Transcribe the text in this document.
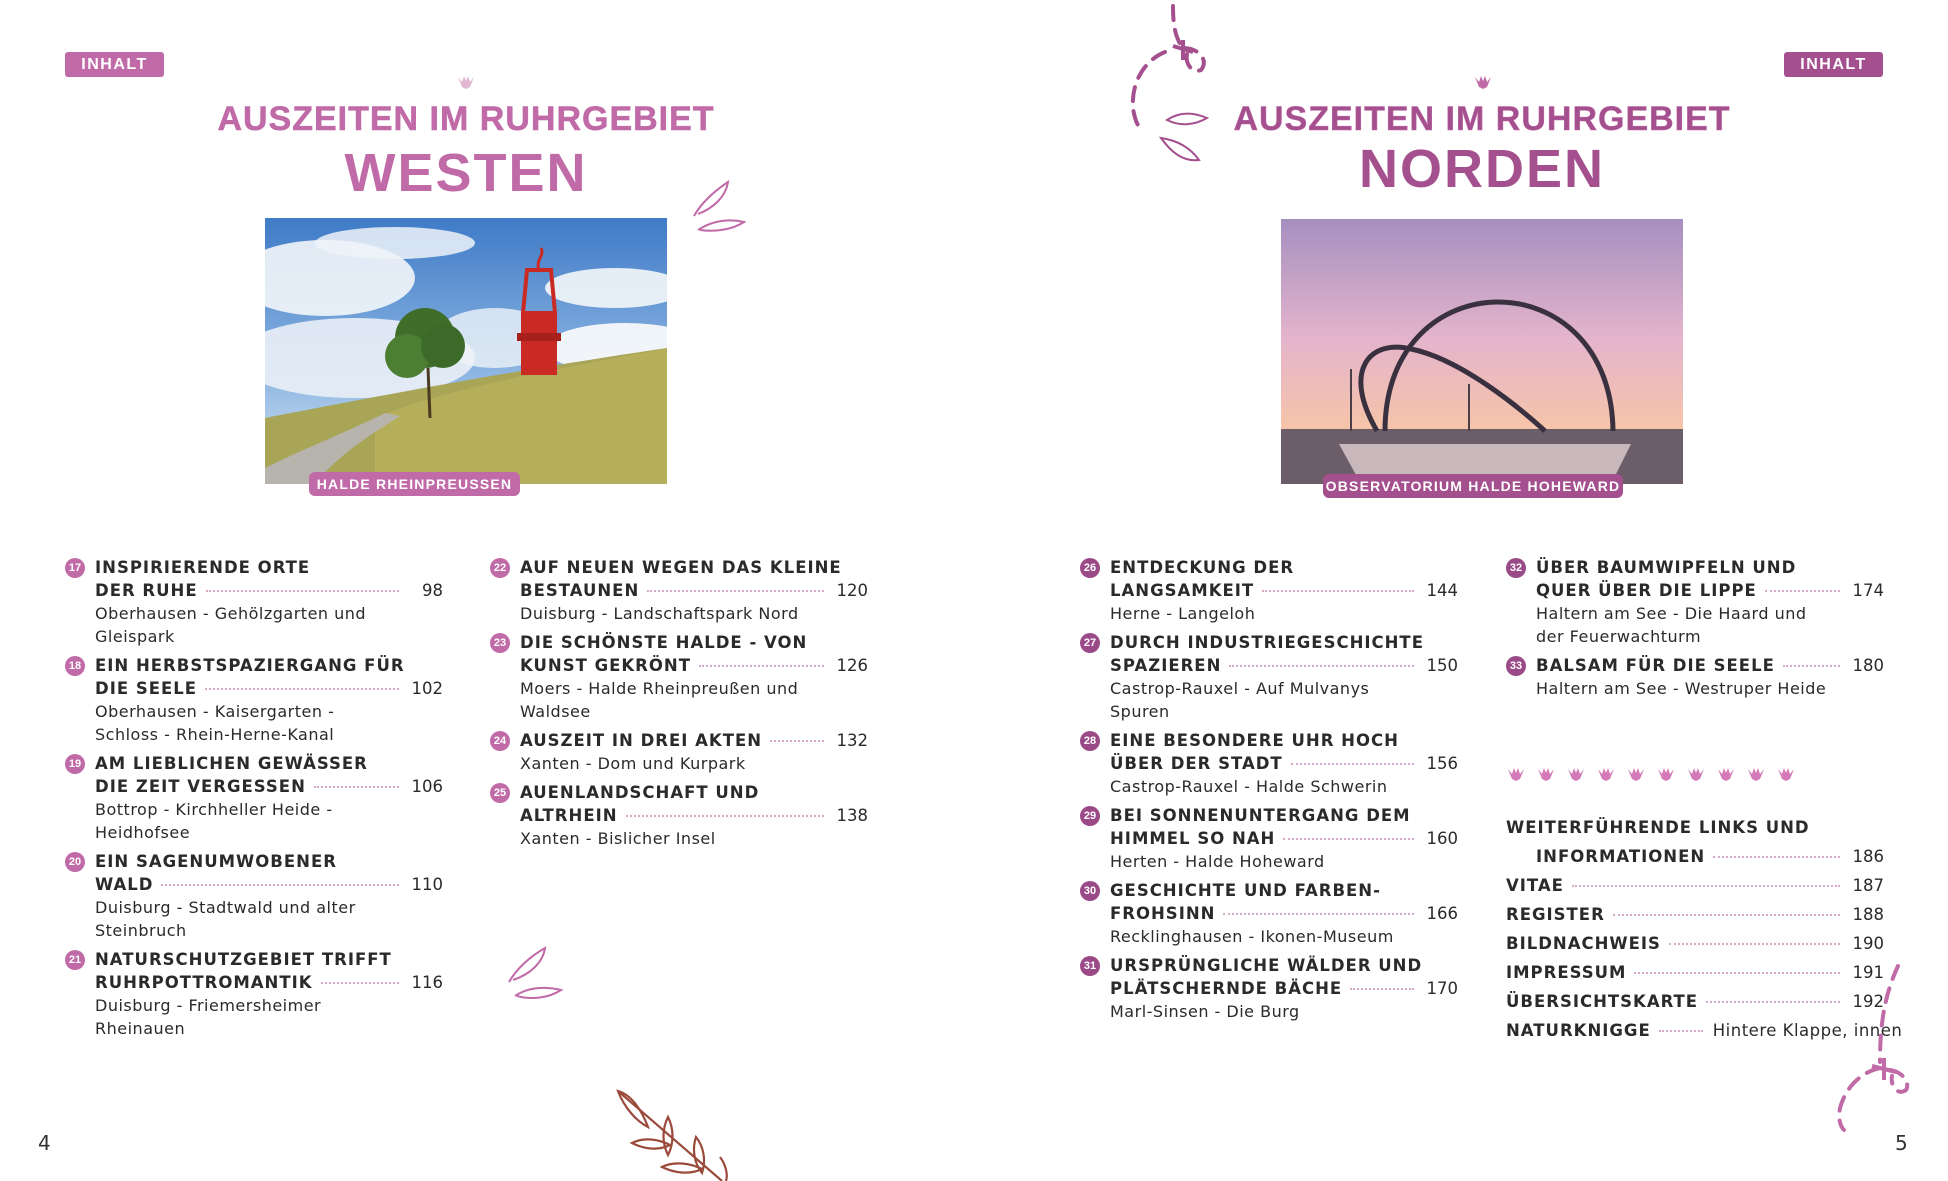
INHALT
AUSZEITEN IM RUHRGEBIET
WESTEN
HALDE RHEINPREUSSEN
17 INSPIRIERENDE ORTE
DER RUHE	98
Oberhausen - Gehölzgarten und
Gleispark
18 EIN HERBSTSPAZIERGANG FÜR
DIE SEELE	102
Oberhausen - Kaisergarten -
Schloss - Rhein-Herne-Kanal
19 AM LIEBLICHEN GEWÄSSER
DIE ZEIT VERGESSEN	106
Bottrop - Kirchheller Heide -
Heidhofsee
20 EIN SAGENUMWOBENER
WALD	110
Duisburg - Stadtwald und alter
Steinbruch
21 NATURSCHUTZGEBIET TRIFFT
RUHRPOTTROMANTIK	116
Duisburg - Friemersheimer
Rheinauen
22 AUF NEUEN WEGEN DAS KLEINE
BESTAUNEN	120
Duisburg - Landschaftspark Nord
23 DIE SCHÖNSTE HALDE - VON
KUNST GEKRÖNT	126
Moers - Halde Rheinpreußen und
Waldsee
24 AUSZEIT IN DREI AKTEN	132
Xanten - Dom und Kurpark
25 AUENLANDSCHAFT UND
ALTRHEIN	138
Xanten - Bislicher Insel
4
INHALT
AUSZEITEN IM RUHRGEBIET
NORDEN
OBSERVATORIUM HALDE HOHEWARD
26 ENTDECKUNG DER
LANGSAMKEIT	144
Herne - Langeloh
27 DURCH INDUSTRIEGESCHICHTE
SPAZIEREN	150
Castrop-Rauxel - Auf Mulvanys
Spuren
28 EINE BESONDERE UHR HOCH
ÜBER DER STADT	156
Castrop-Rauxel - Halde Schwerin
29 BEI SONNENUNTERGANG DEM
HIMMEL SO NAH	160
Herten - Halde Hoheward
30 GESCHICHTE UND FARBEN-
FROHSINN	166
Recklinghausen - Ikonen-Museum
31 URSPRÜNGLICHE WÄLDER UND
PLÄTSCHERNDE BÄCHE	170
Marl-Sinsen - Die Burg
32 ÜBER BAUMWIPFELN UND
QUER ÜBER DIE LIPPE	174
Haltern am See - Die Haard und
der Feuerwachturm
33 BALSAM FÜR DIE SEELE	180
Haltern am See - Westruper Heide
WEITERFÜHRENDE LINKS UND
INFORMATIONEN	186
VITAE	187
REGISTER	188
BILDNACHWEIS	190
IMPRESSUM	191
ÜBERSICHTSKARTE	192
NATURKNIGGE	Hintere Klappe, innen
5
